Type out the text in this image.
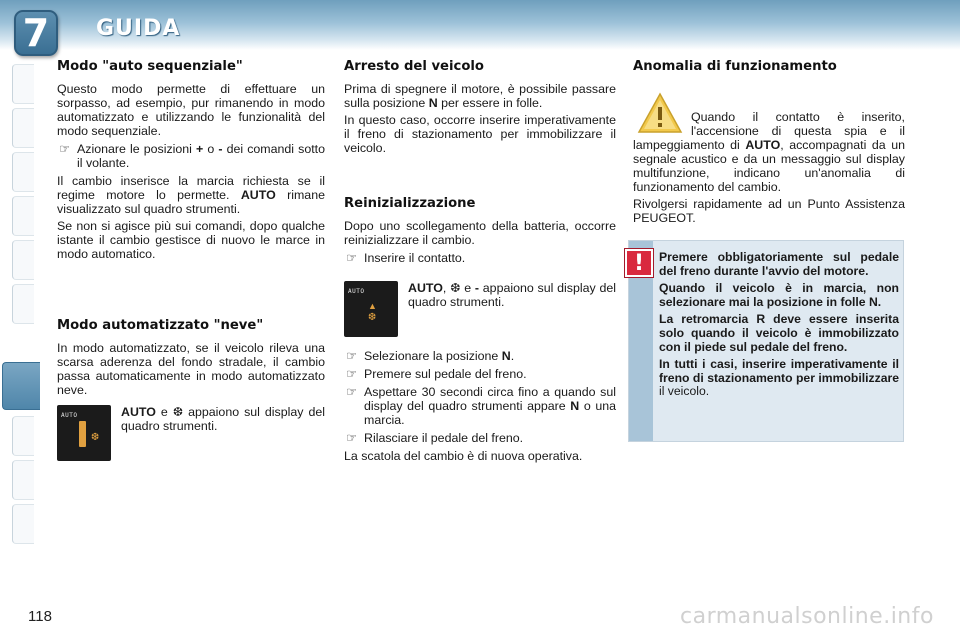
7	GUIDA
Modo "auto sequenziale"

Questo modo permette di effettuare un sorpasso, ad esempio, pur rimanendo in modo automatizzato e utilizzando le funzionalità del modo sequenziale.

☞ Azionare le posizioni + o - dei comandi sotto il volante.

Il cambio inserisce la marcia richiesta se il regime motore lo permette. AUTO rimane visualizzato sul quadro strumenti.

Se non si agisce più sui comandi, dopo qualche istante il cambio gestisce di nuovo le marce in modo automatico.

Modo automatizzato "neve"

In modo automatizzato, se il veicolo rileva una scarsa aderenza del fondo stradale, il cambio passa automaticamente in modo automatizzato neve.

AUTO
❆

AUTO e ❆ appaiono sul display del quadro strumenti.

Arresto del veicolo

Prima di spegnere il motore, è possibile passare sulla posizione N per essere in folle.

In questo caso, occorre inserire imperativamente il freno di stazionamento per immobilizzare il veicolo.

Reinizializzazione

Dopo uno scollegamento della batteria, occorre reinizializzare il cambio.

☞ Inserire il contatto.
AUTO
▲
❆

AUTO, ❆ e - appaiono sul display del quadro strumenti.

☞ Selezionare la posizione N.
☞ Premere sul pedale del freno.
☞ Aspettare 30 secondi circa fino a quando sul display del quadro strumenti appare N o una marcia.
☞ Rilasciare il pedale del freno.

La scatola del cambio è di nuova operativa.

Anomalia di funzionamento

Quando il contatto è inserito, l'accensione di questa spia e il lampeggiamento di AUTO, accompagnati da un segnale acustico e da un messaggio sul display multifunzione, indicano un'anomalia di funzionamento del cambio.

Rivolgersi rapidamente ad un Punto Assistenza PEUGEOT.

!	Premere obbligatoriamente sul pedale del freno durante l'avvio del motore.

Quando il veicolo è in marcia, non selezionare mai la posizione in folle N.

La retromarcia R deve essere inserita solo quando il veicolo è immobilizzato con il piede sul pedale del freno.

In tutti i casi, inserire imperativamente il freno di stazionamento per immobilizzare il veicolo.

118	carmanualsonline.info
